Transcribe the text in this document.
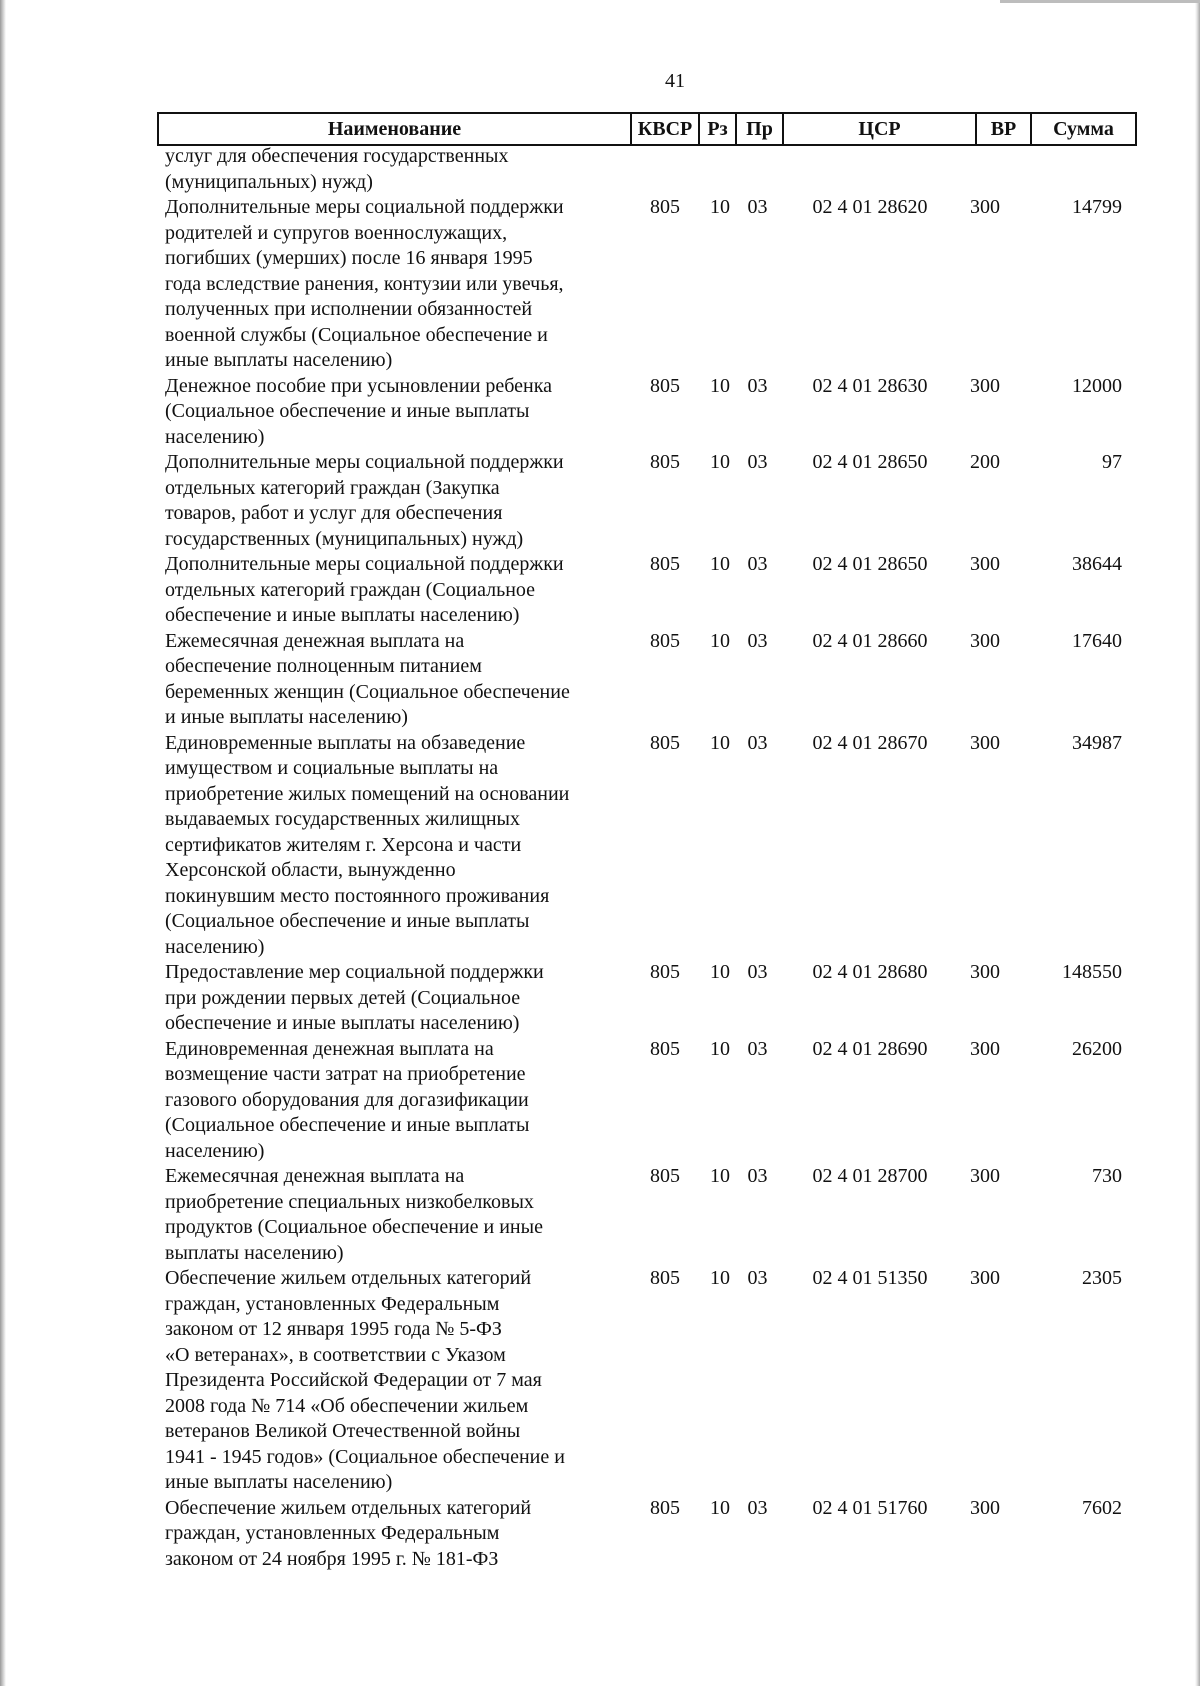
41
Наименование	КВСР Рз Пр	ЦСР	ВР	Сумма
услуг для обеспечения государственных
(муниципальных) нужд)
Дополнительные меры социальной поддержки
родителей и супругов военнослужащих,
погибших (умерших) после 16 января 1995
года вследствие ранения, контузии или увечья,
полученных при исполнении обязанностей
военной службы (Социальное обеспечение и
иные выплаты населению)
805	10 03	02 4 01 28620	300	14799
Денежное пособие при усыновлении ребенка
(Социальное обеспечение и иные выплаты
населению)
805	10 03	02 4 01 28630	300	12000
Дополнительные меры социальной поддержки
отдельных категорий граждан (Закупка
товаров, работ и услуг для обеспечения
государственных (муниципальных) нужд)
805	10 03	02 4 01 28650	200	97
Дополнительные меры социальной поддержки
отдельных категорий граждан (Социальное
обеспечение и иные выплаты населению)
805	10 03	02 4 01 28650	300	38644
Ежемесячная денежная выплата на
обеспечение полноценным питанием
беременных женщин (Социальное обеспечение
и иные выплаты населению)
805	10 03	02 4 01 28660	300	17640
Единовременные выплаты на обзаведение
имуществом и социальные выплаты на
приобретение жилых помещений на основании
выдаваемых государственных жилищных
сертификатов жителям г. Херсона и части
Херсонской области, вынужденно
покинувшим место постоянного проживания
(Социальное обеспечение и иные выплаты
населению)
805	10 03	02 4 01 28670	300	34987
Предоставление мер социальной поддержки
при рождении первых детей (Социальное
обеспечение и иные выплаты населению)
805	10 03	02 4 01 28680	300	148550
Единовременная денежная выплата на
возмещение части затрат на приобретение
газового оборудования для догазификации
(Социальное обеспечение и иные выплаты
населению)
805	10 03	02 4 01 28690	300	26200
Ежемесячная денежная выплата на
приобретение специальных низкобелковых
продуктов (Социальное обеспечение и иные
выплаты населению)
805	10 03	02 4 01 28700	300	730
Обеспечение жильем отдельных категорий
граждан, установленных Федеральным
законом от 12 января 1995 года № 5-ФЗ
«О ветеранах», в соответствии с Указом
Президента Российской Федерации от 7 мая
2008 года № 714 «Об обеспечении жильем
ветеранов Великой Отечественной войны
1941 - 1945 годов» (Социальное обеспечение и
иные выплаты населению)
805	10 03	02 4 01 51350	300	2305
Обеспечение жильем отдельных категорий
граждан, установленных Федеральным
законом от 24 ноября 1995 г. № 181-ФЗ
805	10 03	02 4 01 51760	300	7602
